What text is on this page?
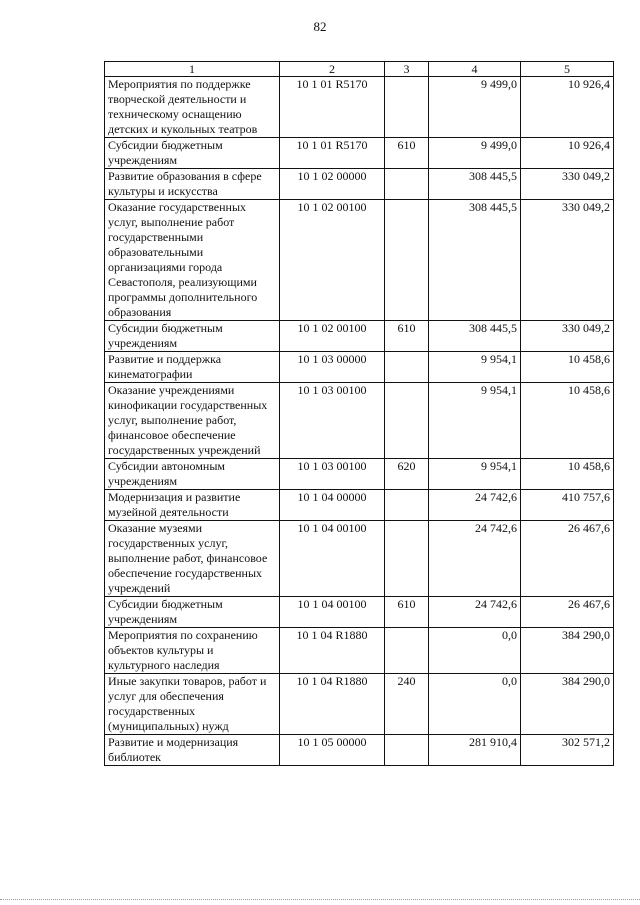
82
1	2	3	4	5
Мероприятия по поддержке творческой деятельности и техническому оснащению детских и кукольных театров	10 1 01 R5170		9 499,0	10 926,4
Субсидии бюджетным учреждениям	10 1 01 R5170	610	9 499,0	10 926,4
Развитие образования в сфере культуры и искусства	10 1 02 00000		308 445,5	330 049,2
Оказание государственных услуг, выполнение работ государственными образовательными организациями города Севастополя, реализующими программы дополнительного образования	10 1 02 00100		308 445,5	330 049,2
Субсидии бюджетным учреждениям	10 1 02 00100	610	308 445,5	330 049,2
Развитие и поддержка кинематографии	10 1 03 00000		9 954,1	10 458,6
Оказание учреждениями кинофикации государственных услуг, выполнение работ, финансовое обеспечение государственных учреждений	10 1 03 00100		9 954,1	10 458,6
Субсидии автономным учреждениям	10 1 03 00100	620	9 954,1	10 458,6
Модернизация и развитие музейной деятельности	10 1 04 00000		24 742,6	410 757,6
Оказание музеями государственных услуг, выполнение работ, финансовое обеспечение государственных учреждений	10 1 04 00100		24 742,6	26 467,6
Субсидии бюджетным учреждениям	10 1 04 00100	610	24 742,6	26 467,6
Мероприятия по сохранению объектов культуры и культурного наследия	10 1 04 R1880		0,0	384 290,0
Иные закупки товаров, работ и услуг для обеспечения государственных (муниципальных) нужд	10 1 04 R1880	240	0,0	384 290,0
Развитие и модернизация библиотек	10 1 05 00000		281 910,4	302 571,2
